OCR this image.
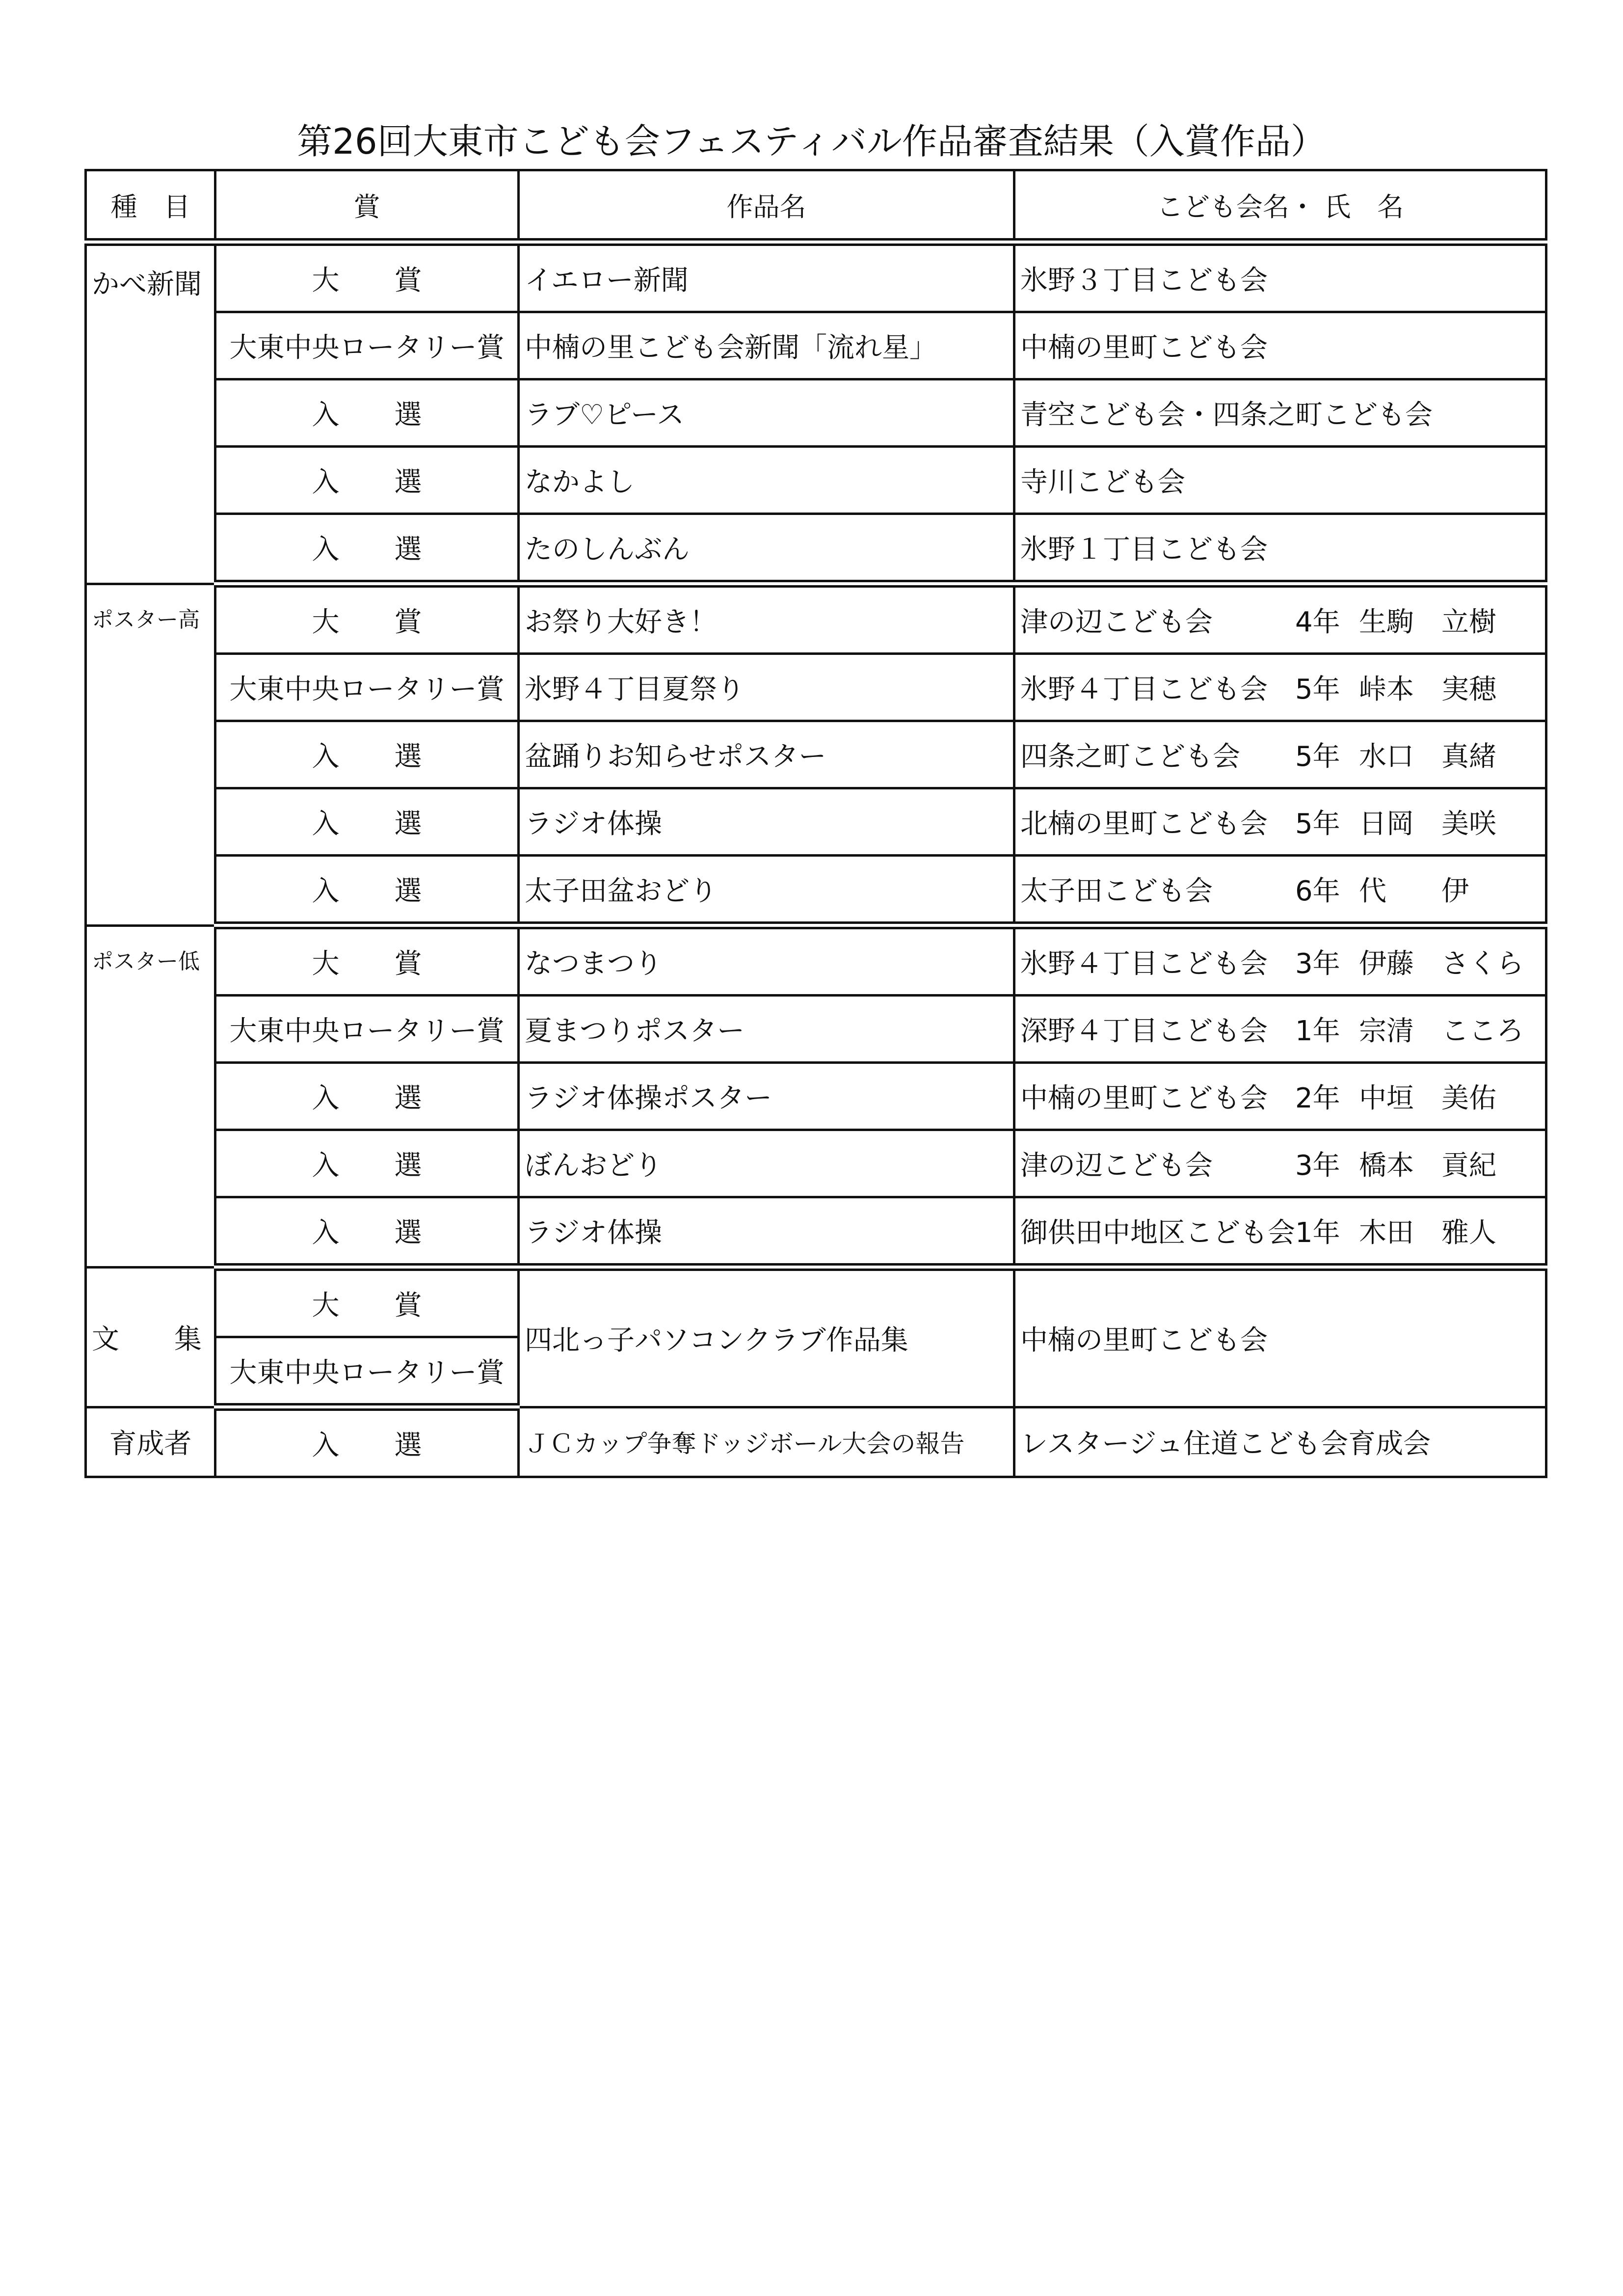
第26回大東市こども会フェスティバル作品審査結果（入賞作品）
種　目	賞	作品名	こども会名・ 氏　名
かべ新聞	大　　賞	イエロー新聞	氷野３丁目こども会
	大東中央ロータリー賞	中楠の里こども会新聞「流れ星」	中楠の里町こども会
	入　　選	ラブ♡ピース	青空こども会・四条之町こども会
	入　　選	なかよし	寺川こども会
	入　　選	たのしんぶん	氷野１丁目こども会
ポスター高	大　　賞	お祭り大好き！	津の辺こども会 4年 生駒　立樹

	大東中央ロータリー賞	氷野４丁目夏祭り	氷野４丁目こども会 5年 峠本　実穂

	入　　選	盆踊りお知らせポスター	四条之町こども会 5年 水口　真緒

	入　　選	ラジオ体操	北楠の里町こども会 5年 日岡　美咲

	入　　選	太子田盆おどり	太子田こども会 6年 代　　伊

ポスター低	大　　賞	なつまつり	氷野４丁目こども会 3年 伊藤　さくら

	大東中央ロータリー賞	夏まつりポスター	深野４丁目こども会 1年 宗清　こころ

	入　　選	ラジオ体操ポスター	中楠の里町こども会 2年 中垣　美佑

	入　　選	ぼんおどり	津の辺こども会 3年 橋本　貢紀

	入　　選	ラジオ体操	御供田中地区こども会 1年 木田　雅人

文　　集	大　　賞	四北っ子パソコンクラブ作品集	中楠の里町こども会
	大東中央ロータリー賞		
育成者	入　　選	ＪＣカップ争奪ドッジボール大会の報告	レスタージュ住道こども会育成会
